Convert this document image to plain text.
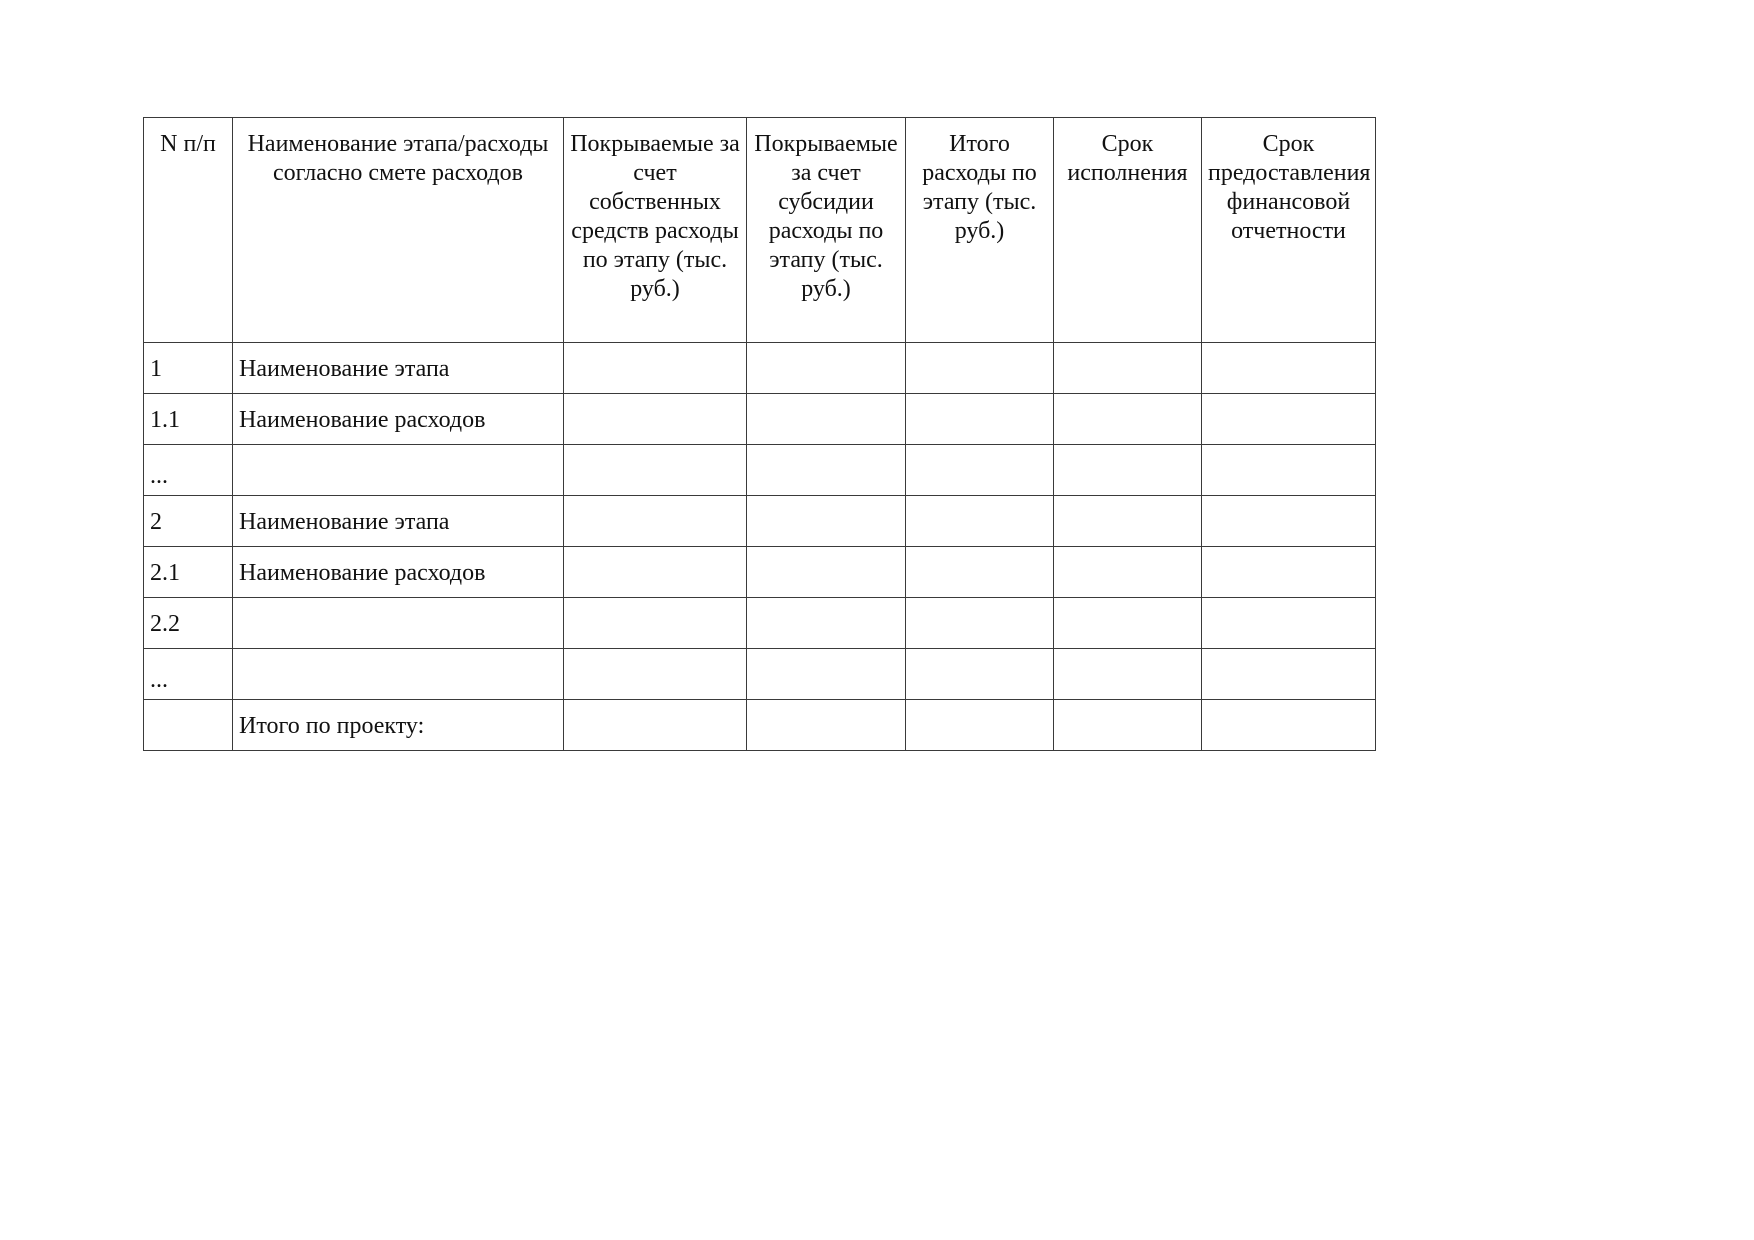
N п/п	Наименование этапа/расходы согласно смете расходов	Покрываемые за счет собственных средств расходы по этапу (тыс. руб.)	Покрываемые за счет субсидии расходы по этапу (тыс. руб.)	Итого расходы по этапу (тыс. руб.)	Срок исполнения	Срок предоставления финансовой отчетности
1	Наименование этапа					
1.1	Наименование расходов					
...						
2	Наименование этапа					
2.1	Наименование расходов					
2.2						
...						
	Итого по проекту:					
